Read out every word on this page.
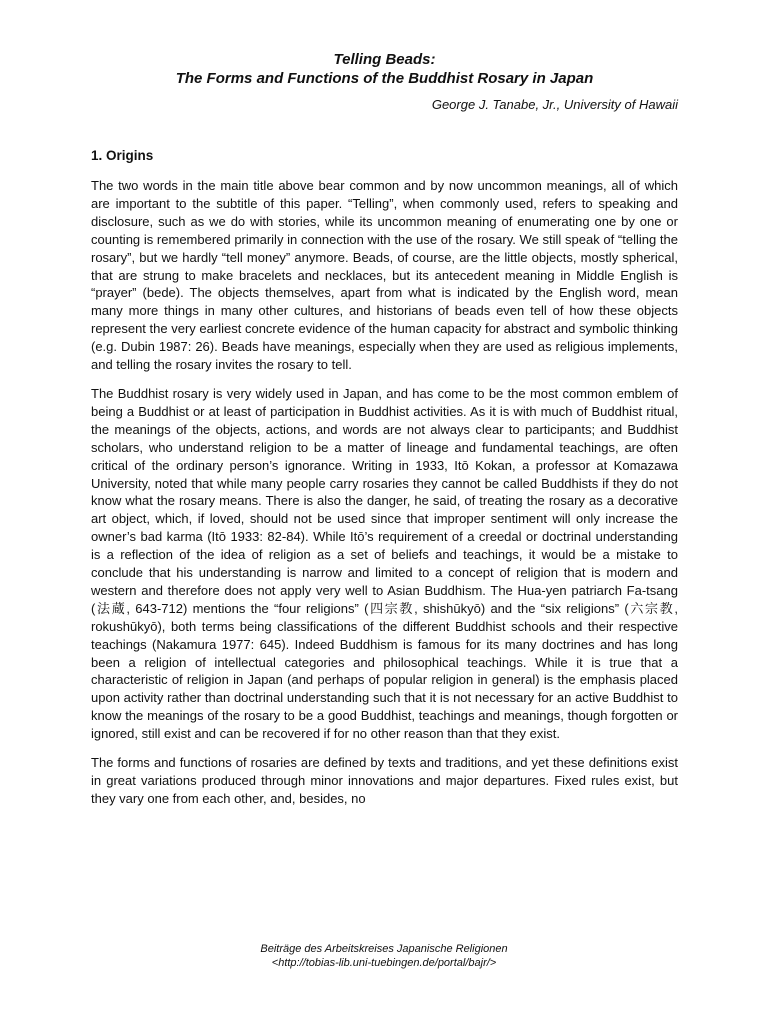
Telling Beads:
The Forms and Functions of the Buddhist Rosary in Japan

George J. Tanabe, Jr., University of Hawaii

1. Origins

The two words in the main title above bear common and by now uncommon meanings, all of which are important to the subtitle of this paper. “Telling”, when commonly used, refers to speaking and disclosure, such as we do with stories, while its uncommon meaning of enumerating one by one or counting is remembered primarily in connection with the use of the rosary. We still speak of “telling the rosary”, but we hardly “tell money” anymore. Beads, of course, are the little objects, mostly spherical, that are strung to make bracelets and necklaces, but its antecedent meaning in Middle English is “prayer” (bede). The objects themselves, apart from what is indicated by the English word, mean many more things in many other cultures, and historians of beads even tell of how these objects represent the very earliest concrete evidence of the human capacity for abstract and symbolic thinking (e.g. Dubin 1987: 26). Beads have meanings, especially when they are used as religious implements, and telling the rosary invites the rosary to tell.

The Buddhist rosary is very widely used in Japan, and has come to be the most common emblem of being a Buddhist or at least of participation in Buddhist activities. As it is with much of Buddhist ritual, the meanings of the objects, actions, and words are not always clear to participants; and Buddhist scholars, who understand religion to be a matter of lineage and fundamental teachings, are often critical of the ordinary person’s ignorance. Writing in 1933, Itō Kokan, a professor at Komazawa University, noted that while many people carry rosaries they cannot be called Buddhists if they do not know what the rosary means. There is also the danger, he said, of treating the rosary as a decorative art object, which, if loved, should not be used since that improper sentiment will only increase the owner’s bad karma (Itō 1933: 82-84). While Itō’s requirement of a creedal or doctrinal understanding is a reflection of the idea of religion as a set of beliefs and teachings, it would be a mistake to conclude that his understanding is narrow and limited to a concept of religion that is modern and western and therefore does not apply very well to Asian Buddhism. The Hua-yen patriarch Fa-tsang (法蔵, 643-712) mentions the “four religions” (四宗教, shishūkyō) and the “six religions” (六宗教, rokushūkyō), both terms being classifications of the different Buddhist schools and their respective teachings (Nakamura 1977: 645). Indeed Buddhism is famous for its many doctrines and has long been a religion of intellectual categories and philosophical teachings. While it is true that a characteristic of religion in Japan (and perhaps of popular religion in general) is the emphasis placed upon activity rather than doctrinal understanding such that it is not necessary for an active Buddhist to know the meanings of the rosary to be a good Buddhist, teachings and meanings, though forgotten or ignored, still exist and can be recovered if for no other reason than that they exist.

The forms and functions of rosaries are defined by texts and traditions, and yet these definitions exist in great variations produced through minor innovations and major departures. Fixed rules exist, but they vary one from each other, and, besides, no

Beiträge des Arbeitskreises Japanische Religionen
<http://tobias-lib.uni-tuebingen.de/portal/bajr/>
